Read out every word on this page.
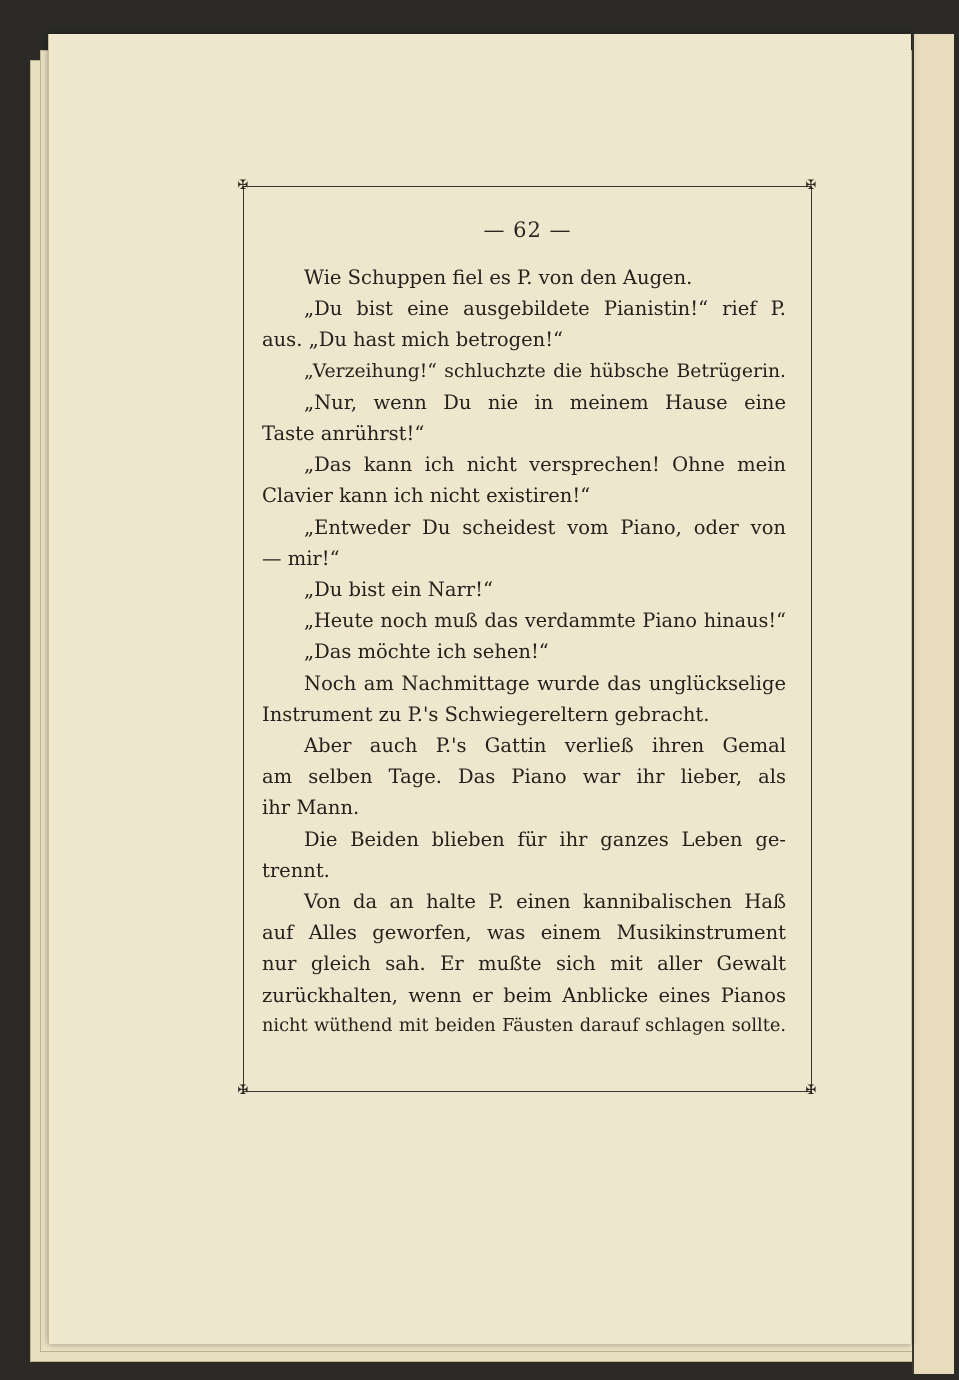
✠	✠
✠	✠
— 62 —
Wie Schuppen fiel es P. von den Augen.
„Du bist eine ausgebildete Pianistin!“ rief P.
aus. „Du hast mich betrogen!“
„Verzeihung!“ schluchzte die hübsche Betrügerin.
„Nur, wenn Du nie in meinem Hause eine
Taste anrührst!“
„Das kann ich nicht versprechen! Ohne mein
Clavier kann ich nicht existiren!“
„Entweder Du scheidest vom Piano, oder von
— mir!“
„Du bist ein Narr!“
„Heute noch muß das verdammte Piano hinaus!“
„Das möchte ich sehen!“
Noch am Nachmittage wurde das unglückselige
Instrument zu P.'s Schwiegereltern gebracht.
Aber auch P.'s Gattin verließ ihren Gemal
am selben Tage. Das Piano war ihr lieber, als
ihr Mann.
Die Beiden blieben für ihr ganzes Leben ge-
trennt.
Von da an halte P. einen kannibalischen Haß
auf Alles geworfen, was einem Musikinstrument
nur gleich sah. Er mußte sich mit aller Gewalt
zurückhalten, wenn er beim Anblicke eines Pianos
nicht wüthend mit beiden Fäusten darauf schlagen sollte.
